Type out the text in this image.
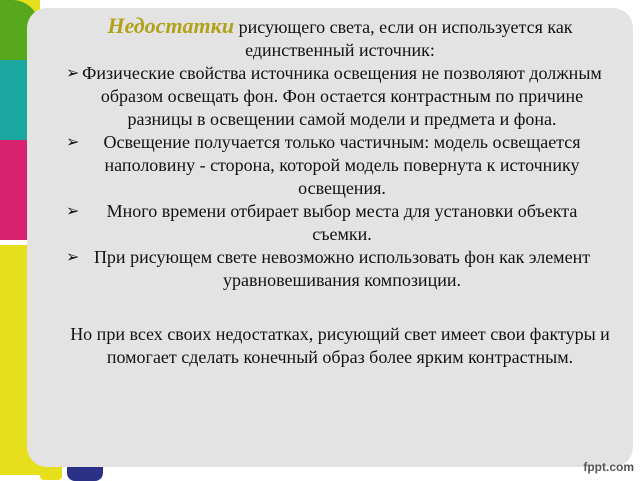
Недостатки рисующего света, если он используется как единственный источник:

➢ Физические свойства источника освещения не позволяют должным образом освещать фон. Фон остается контрастным по причине разницы в освещении самой модели и предмета и фона.
➢ Освещение получается только частичным: модель освещается наполовину - сторона, которой модель повернута к источнику освещения.
➢ Много времени отбирает выбор места для установки объекта съемки.
➢ При рисующем свете невозможно использовать фон как элемент уравновешивания композиции.

Но при всех своих недостатках, рисующий свет имеет свои фактуры и помогает сделать конечный образ более ярким контрастным.

fppt.com
